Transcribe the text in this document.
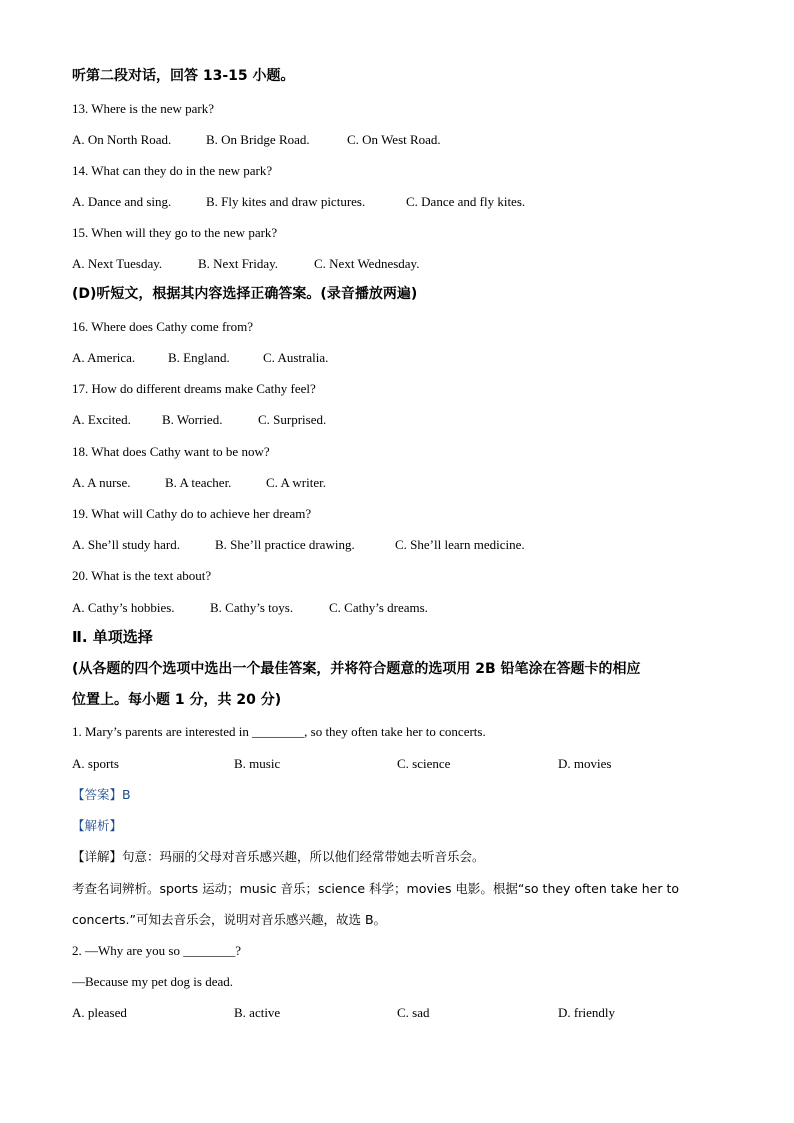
听第二段对话，回答 13-15 小题。
13. Where is the new park?
A. On North Road.	B. On Bridge Road.	C. On West Road.
14. What can they do in the new park?
A. Dance and sing.	B. Fly kites and draw pictures.	C. Dance and fly kites.
15. When will they go to the new park?
A. Next Tuesday.	B. Next Friday.	C. Next Wednesday.
(D)听短文，根据其内容选择正确答案。(录音播放两遍)
16. Where does Cathy come from?
A. America.	B. England.	C. Australia.
17. How do different dreams make Cathy feel?
A. Excited. B. Worried.	C. Surprised.
18. What does Cathy want to be now?
A. A nurse.	B. A teacher.	C. A writer.
19. What will Cathy do to achieve her dream?
A. She’ll study hard.	B. She’ll practice drawing.	C. She’ll learn medicine.
20. What is the text about?
A. Cathy’s hobbies.	B. Cathy’s toys.	C. Cathy’s dreams.
Ⅱ. 单项选择
(从各题的四个选项中选出一个最佳答案，并将符合题意的选项用 2B 铅笔涂在答题卡的相应
位置上。每小题 1 分，共 20 分)
1. Mary’s parents are interested in ________, so they often take her to concerts.
A. sports	B. music	C. science	D. movies
【答案】B
【解析】
【详解】句意：玛丽的父母对音乐感兴趣，所以他们经常带她去听音乐会。
考查名词辨析。sports 运动；music 音乐；science 科学；movies 电影。根据“so they often take her to
concerts.”可知去音乐会，说明对音乐感兴趣，故选 B。
2. —Why are you so ________?
—Because my pet dog is dead.
A. pleased	B. active	C. sad	D. friendly
